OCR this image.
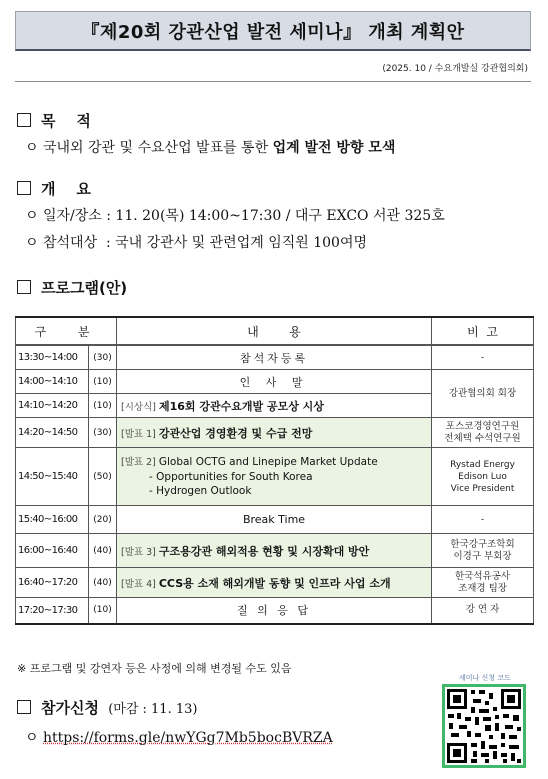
『제20회 강관산업 발전 세미나』 개최 계획안
(2025. 10 / 수요개발실 강관협의회)
목    적
ㅇ 국내외 강관 및 수요산업 발표를 통한 업계 발전 방향 모색
개    요
ㅇ 일자/장소 : 11. 20(목) 14:00~17:30 / 대구 EXCO 서관 325호
ㅇ 참석대상  : 국내 강관사 및 관련업계 임직원 100여명
프로그램(안)
구  분		내        용	비  고
13:30~14:00	(30)	참석자등록	-
14:00~14:10	(10)	인 사 말	강관협의회 회장
14:10~14:20	(10)	[시상식] 제16회 강관수요개발 공모상 시상	
14:20~14:50	(30)	[발표 1] 강관산업 경영환경 및 수급 전망	포스코경영연구원
전체택 수석연구원
14:50~15:40	(50)	[발표 2] Global OCTG and Linepipe Market Update
- Opportunities for South Korea
- Hydrogen Outlook	Rystad Energy
Edison Luo
Vice President
15:40~16:00	(20)	Break Time	-
16:00~16:40	(40)	[발표 3] 구조용강관 해외적용 현황 및 시장확대 방안	한국강구조학회
이경구 부회장
16:40~17:20	(40)	[발표 4] CCS용 소재 해외개발 동향 및 인프라 사업 소개	한국석유공사
조재경 팀장
17:20~17:30	(10)	질 의 응 답	강 연 자
※ 프로그램 및 강연자 등은 사정에 의해 변경될 수도 있음
참가신청 (마감 : 11. 13)
ㅇ https://forms.gle/nwYGg7Mb5bocBVRZA
세미나 신청 코드
